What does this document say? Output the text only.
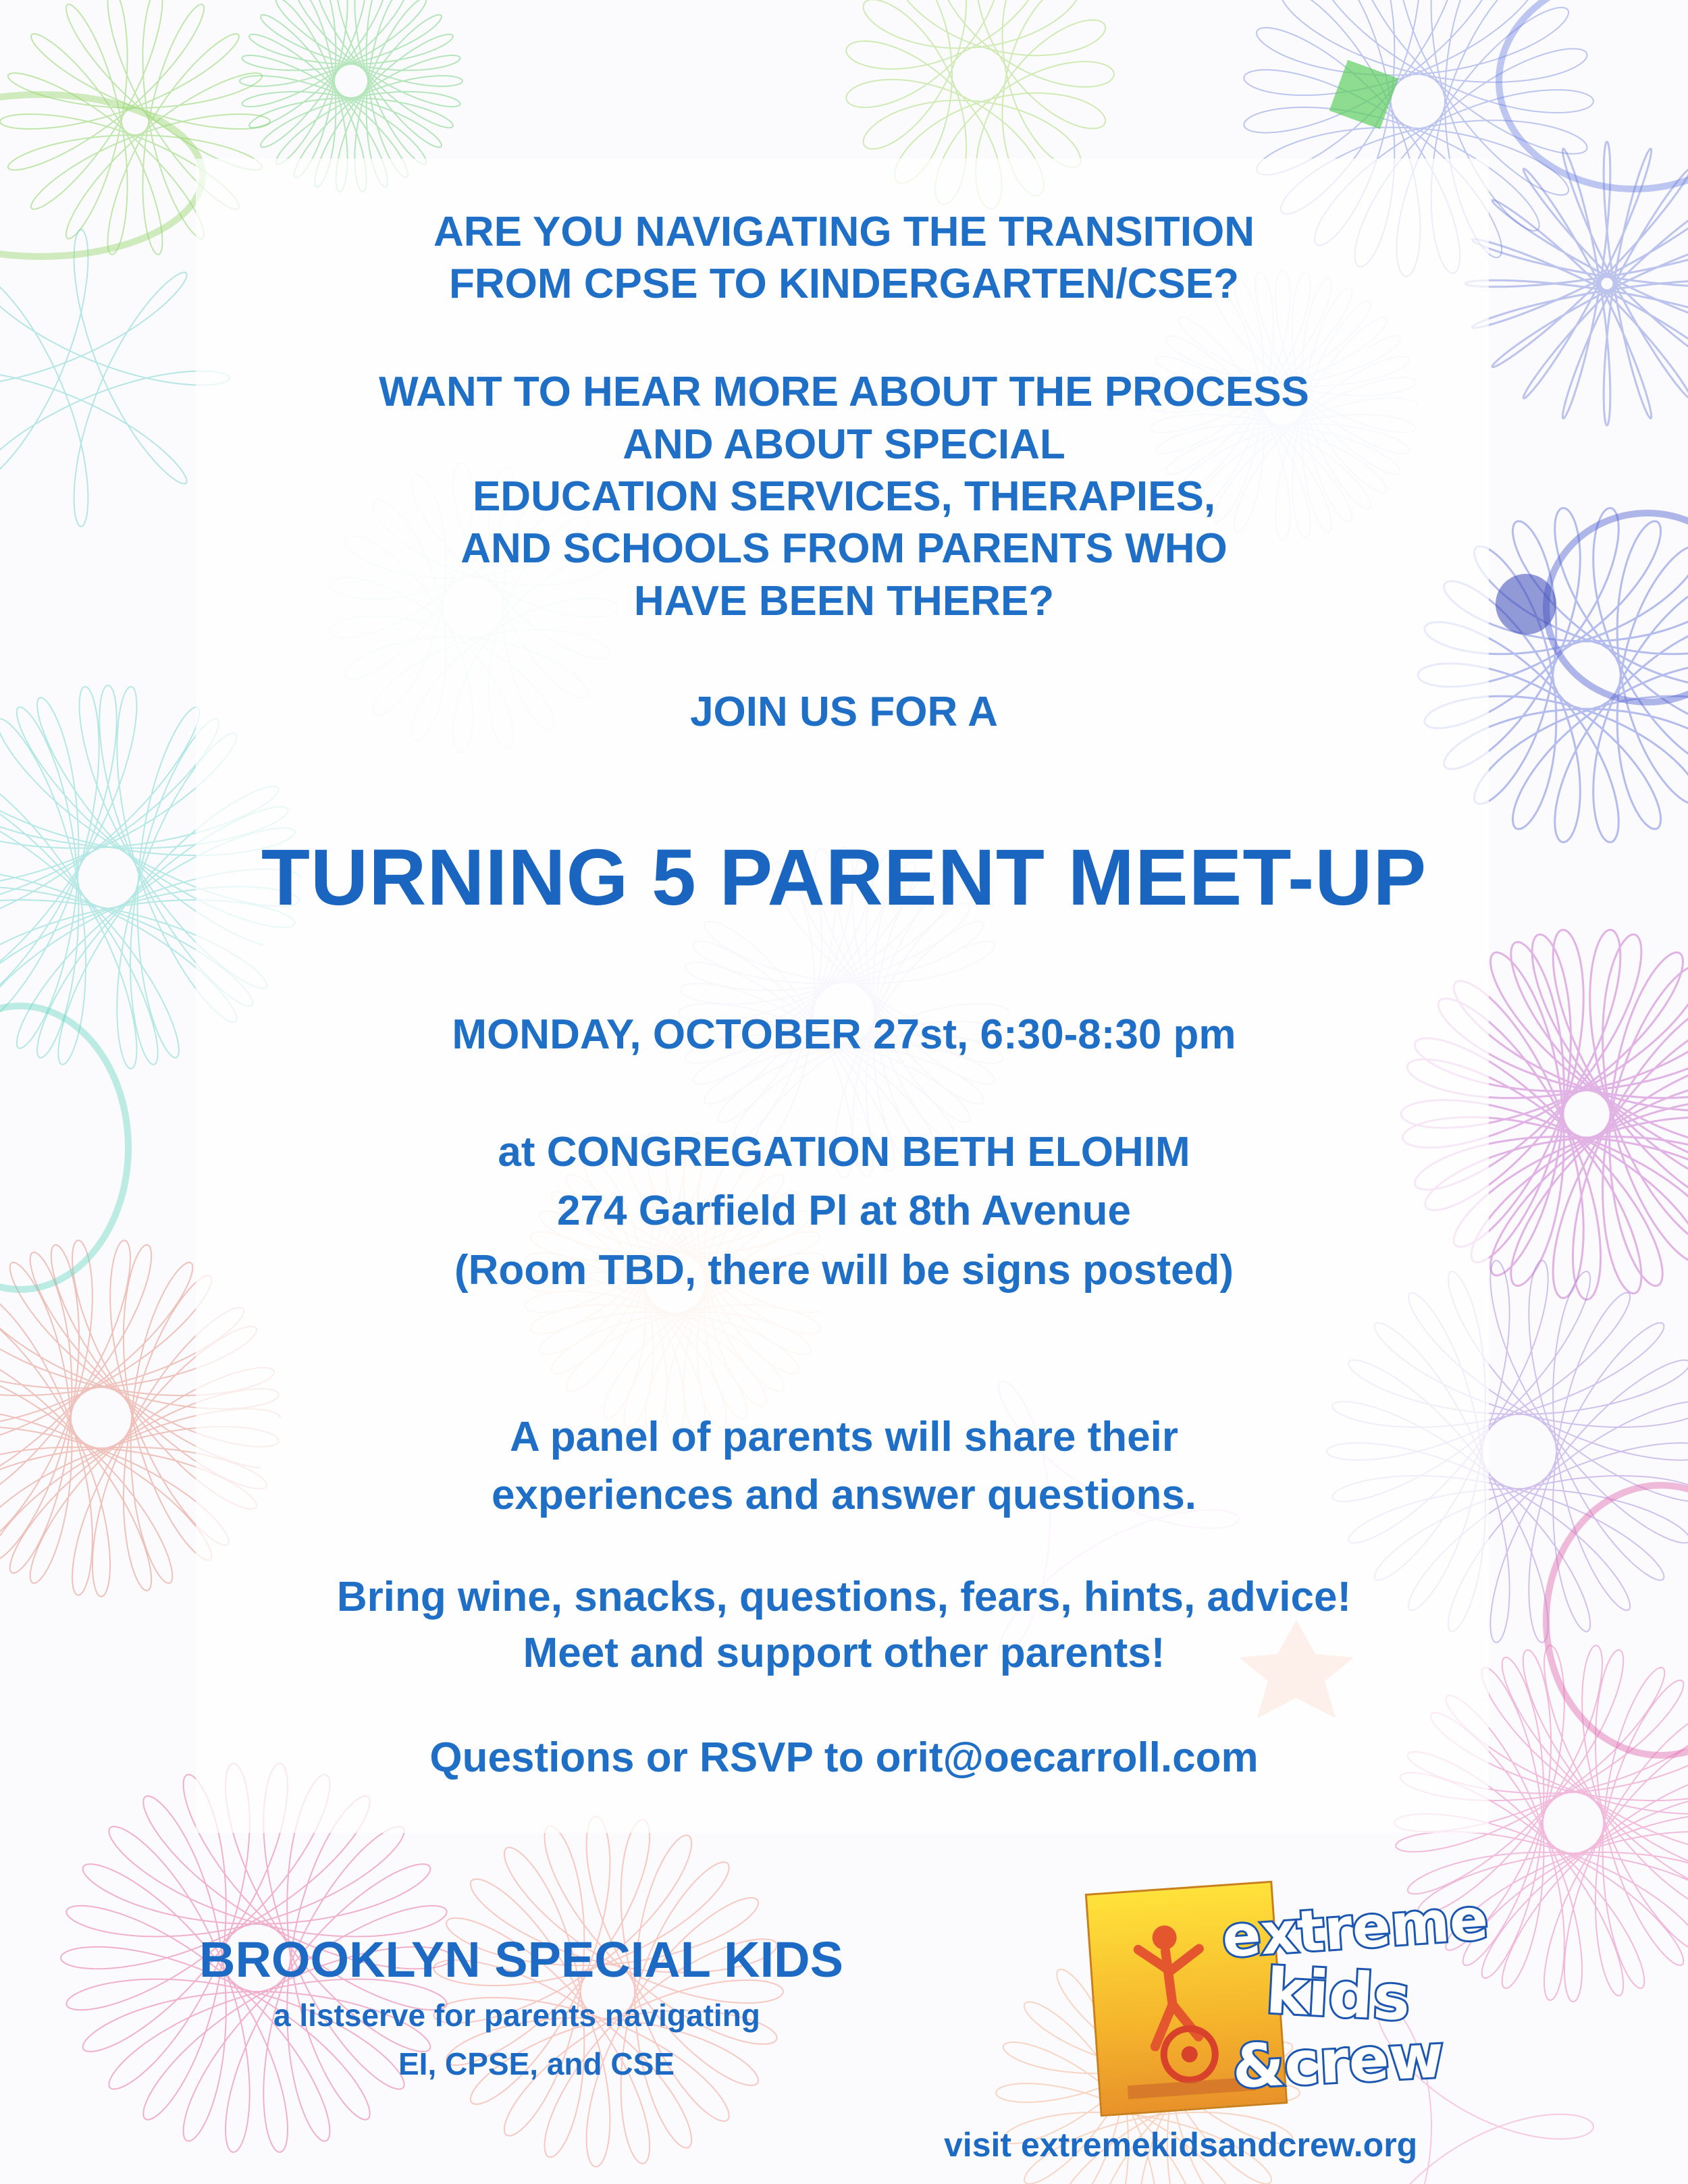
ARE YOU NAVIGATING THE TRANSITION

FROM CPSE TO KINDERGARTEN/CSE?

WANT TO HEAR MORE ABOUT THE PROCESS

AND ABOUT SPECIAL

EDUCATION SERVICES, THERAPIES,

AND SCHOOLS FROM PARENTS WHO

HAVE BEEN THERE?

JOIN US FOR A

TURNING 5 PARENT MEET-UP

MONDAY, OCTOBER 27st, 6:30-8:30 pm

at CONGREGATION BETH ELOHIM

274 Garfield Pl at 8th Avenue

(Room TBD, there will be signs posted)

A panel of parents will share their

experiences and answer questions.

Bring wine, snacks, questions, fears, hints, advice!

Meet and support other parents!

Questions or RSVP to orit@oecarroll.com

BROOKLYN SPECIAL KIDS

a listserve for parents navigating

EI, CPSE, and CSE

extreme
kids
&crew
visit extremekidsandcrew.org
